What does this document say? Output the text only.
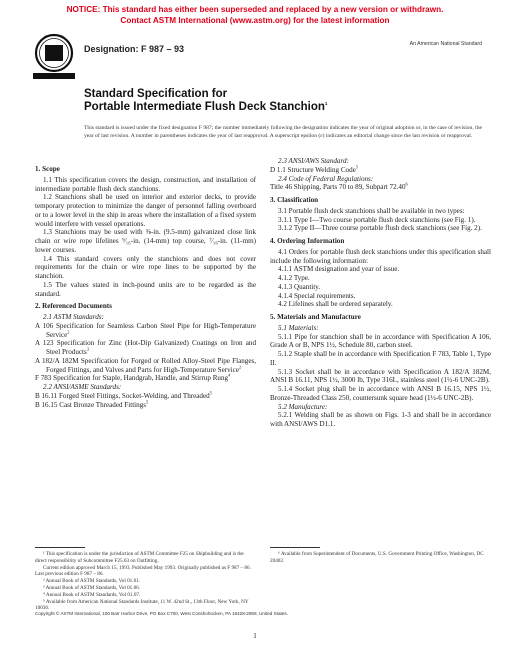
NOTICE: This standard has either been superseded and replaced by a new version or withdrawn.
Contact ASTM International (www.astm.org) for the latest information
Designation: F 987 – 93	An American National Standard
Standard Specification for
Portable Intermediate Flush Deck Stanchion$^1$
This standard is issued under the fixed designation F 987; the number immediately following the designation indicates the year of original adoption or, in the case of revision, the year of last revision. A number in parentheses indicates the year of last reapproval. A superscript epsilon (ε) indicates an editorial change since the last revision or reapproval.

1. Scope

1.1 This specification covers the design, construction, and installation of intermediate portable flush deck stanchions.

1.2 Stanchions shall be used on interior and exterior decks, to provide temporary protection to minimize the danger of personnel falling overboard or to a lower level in the ship in areas where the installation of a fixed system would interfere with vessel operations.

1.3 Stanchions may be used with ⅜-in. (9.5-mm) galvanized close link chain or wire rope lifelines ⁹⁄₁₆-in. (14-mm) top course, ⁷⁄₁₆-in. (11-mm) lower courses.

1.4 This standard covers only the stanchions and does not cover requirements for the chain or wire rope lines to be supported by the stanchion.

1.5 The values stated in inch-pound units are to be regarded as the standard.

2. Referenced Documents

2.1 ASTM Standards:

A 106 Specification for Seamless Carbon Steel Pipe for High-Temperature Service$^2$

A 123 Specification for Zinc (Hot-Dip Galvanized) Coatings on Iron and Steel Products$^3$

A 182/A 182M Specification for Forged or Rolled Alloy-Steel Pipe Flanges, Forged Fittings, and Valves and Parts for High-Temperature Service$^2$

F 783 Specification for Staple, Handgrab, Handle, and Stirrup Rung$^4$

2.2 ANSI/ASME Standards:

B 16.11 Forged Steel Fittings, Socket-Welding, and Threaded$^5$

B 16.15 Cast Bronze Threaded Fittings$^5$

2.3 ANSI/AWS Standard:

D 1.1 Structure Welding Code$^5$

2.4 Code of Federal Regulations:

Title 46 Shipping, Parts 70 to 89, Subpart 72.40$^6$

3. Classification

3.1 Portable flush deck stanchions shall be available in two types:

3.1.1 Type I—Two course portable flush deck stanchions (see Fig. 1).

3.1.2 Type II—Three course portable flush deck stanchions (see Fig. 2).

4. Ordering Information

4.1 Orders for portable flush deck stanchions under this specification shall include the following information:

4.1.1 ASTM designation and year of issue.

4.1.2 Type.

4.1.3 Quantity.

4.1.4 Special requirements.

4.2 Lifelines shall be ordered separately.

5. Materials and Manufacture

5.1 Materials:

5.1.1 Pipe for stanchion shall be in accordance with Specification A 106, Grade A or B, NPS 1½, Schedule 80, carbon steel.

5.1.2 Staple shall be in accordance with Specification F 783, Table 1, Type II.

5.1.3 Socket shall be in accordance with Specification A 182/A 182M, ANSI B 16.11, NPS 1½, 3000 lb, Type 316L, stainless steel (1½-6 UNC-2B).

5.1.4 Socket plug shall be in accordance with ANSI B 16.15, NPS 1½, Bronze-Threaded Class 250, countersunk square head (1½-6 UNC-2B).

5.2 Manufacture:

5.2.1 Welding shall be as shown on Figs. 1-3 and shall be in accordance with ANSI/AWS D1.1.

¹ This specification is under the jurisdiction of ASTM Committee F25 on Shipbuilding and is the direct responsibility of Subcommittee F25.03 on Outfitting.

Current edition approved March 15, 1993. Published May 1993. Originally published as F 987 – 86. Last previous edition F 987 – 86.

² Annual Book of ASTM Standards, Vol 01.01.

³ Annual Book of ASTM Standards, Vol 01.06.

⁴ Annual Book of ASTM Standards, Vol 01.07.

⁵ Available from American National Standards Institute, 11 W. 42nd St., 13th Floor, New York, NY 10036.

⁶ Available from Superintendent of Documents, U.S. Government Printing Office, Washington, DC 20402.

Copyright © ASTM International, 100 Barr Harbor Drive, PO Box C700, West Conshohocken, PA 19428-2959, United States.
1
